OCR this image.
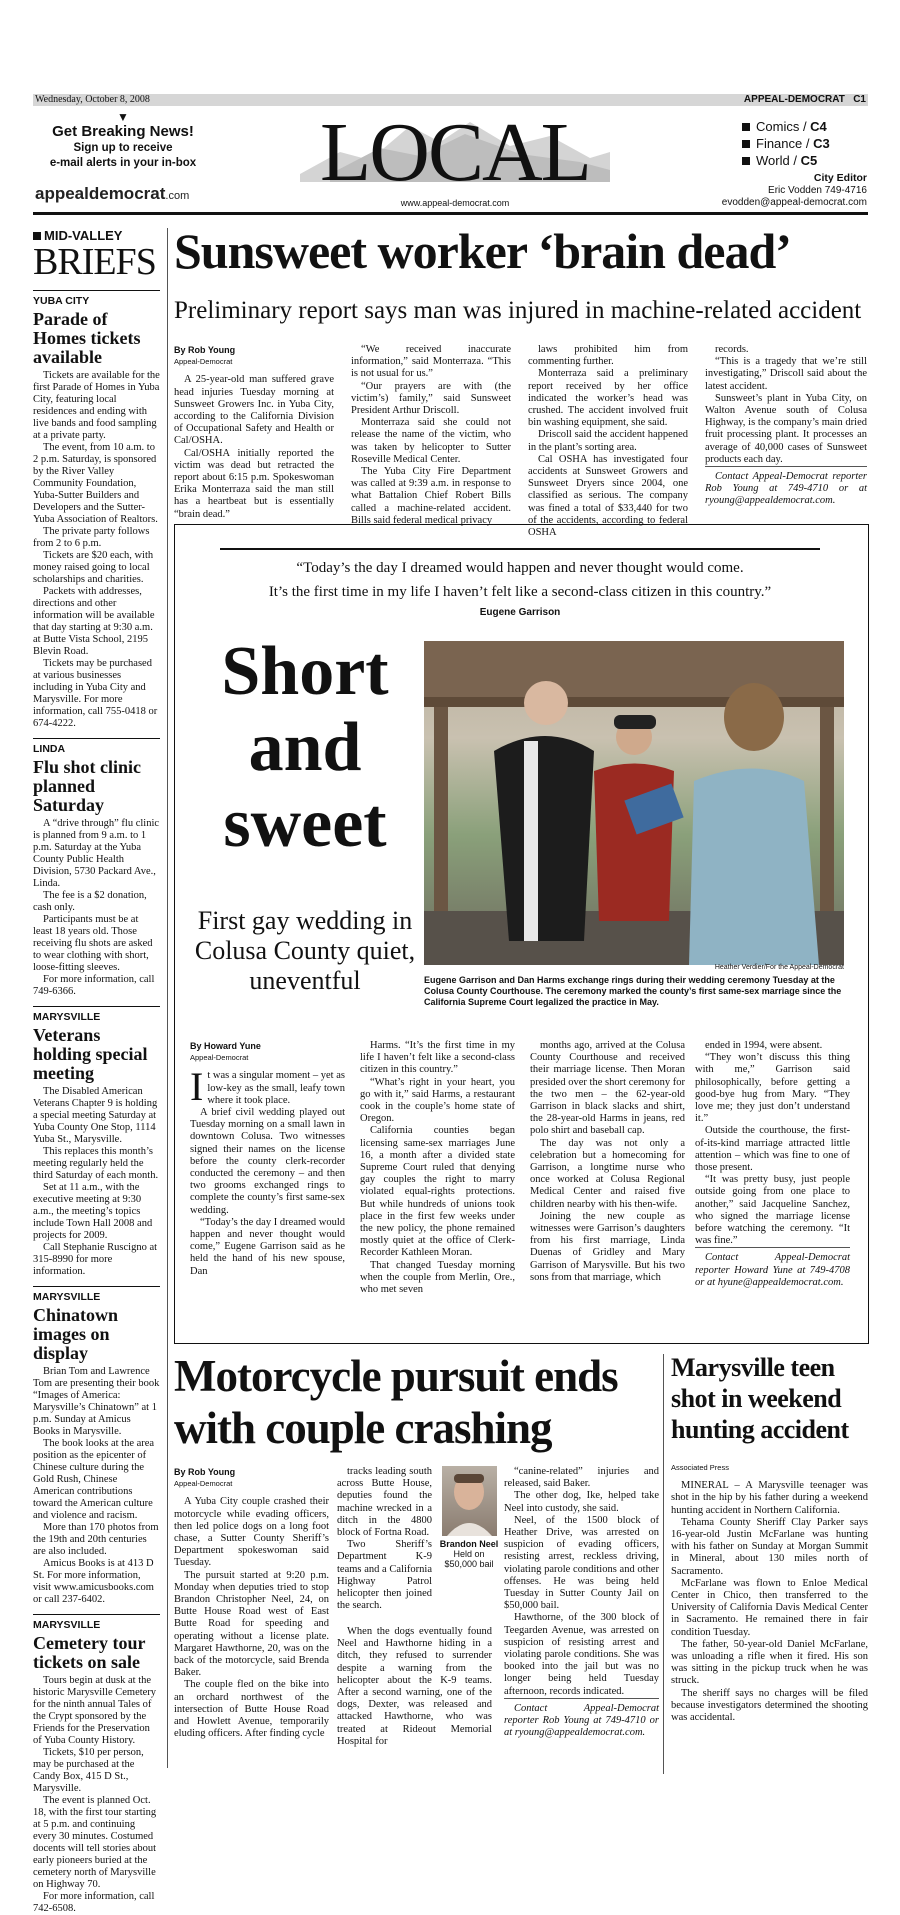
Wednesday, October 8, 2008	APPEAL-DEMOCRAT C1
▼
Get Breaking News!
Sign up to receive
e-mail alerts in your in-box
appealdemocrat.com LOCAL
www.appeal-democrat.com
Comics / C4
Finance / C3
World / C5
City Editor
Eric Vodden 749-4716
evodden@appeal-democrat.com
MID-VALLEY
BRIEFS
YUBA CITY
Parade of Homes tickets available

Tickets are available for the first Parade of Homes in Yuba City, featuring local residences and ending with live bands and food sampling at a private party.

The event, from 10 a.m. to 2 p.m. Saturday, is sponsored by the River Valley Community Foundation, Yuba-Sutter Builders and Developers and the Sutter-Yuba Association of Realtors.

The private party follows from 2 to 6 p.m.

Tickets are $20 each, with money raised going to local scholarships and charities.

Packets with addresses, directions and other information will be available that day starting at 9:30 a.m. at Butte Vista School, 2195 Blevin Road.

Tickets may be purchased at various businesses including in Yuba City and Marysville. For more information, call 755-0418 or 674-4222.

LINDA
Flu shot clinic planned Saturday

A “drive through” flu clinic is planned from 9 a.m. to 1 p.m. Saturday at the Yuba County Public Health Division, 5730 Packard Ave., Linda.

The fee is a $2 donation, cash only.

Participants must be at least 18 years old. Those receiving flu shots are asked to wear clothing with short, loose-fitting sleeves.

For more information, call 749-6366.

MARYSVILLE
Veterans holding special meeting

The Disabled American Veterans Chapter 9 is holding a special meeting Saturday at Yuba County One Stop, 1114 Yuba St., Marysville.

This replaces this month’s meeting regularly held the third Saturday of each month.

Set at 11 a.m., with the executive meeting at 9:30 a.m., the meeting’s topics include Town Hall 2008 and projects for 2009.

Call Stephanie Ruscigno at 315-8990 for more information.

MARYSVILLE
Chinatown images on display

Brian Tom and Lawrence Tom are presenting their book “Images of America: Marysville’s Chinatown” at 1 p.m. Sunday at Amicus Books in Marysville.

The book looks at the area position as the epicenter of Chinese culture during the Gold Rush, Chinese American contributions toward the American culture and violence and racism.

More than 170 photos from the 19th and 20th centuries are also included.

Amicus Books is at 413 D St. For more information, visit www.amicusbooks.com or call 237-6402.

MARYSVILLE
Cemetery tour tickets on sale

Tours begin at dusk at the historic Marysville Cemetery for the ninth annual Tales of the Crypt sponsored by the Friends for the Preservation of Yuba County History.

Tickets, $10 per person, may be purchased at the Candy Box, 415 D St., Marysville.

The event is planned Oct. 18, with the first tour starting at 5 p.m. and continuing every 30 minutes. Costumed docents will tell stories about early pioneers buried at the cemetery north of Marysville on Highway 70.

For more information, call 742-6508.

Sunsweet worker ‘brain dead’
Preliminary report says man was injured in machine-related accident
By Rob Young
Appeal-Democrat

A 25-year-old man suffered grave head injuries Tuesday morning at Sunsweet Growers Inc. in Yuba City, according to the California Division of Occupational Safety and Health or Cal/OSHA.

Cal/OSHA initially reported the victim was dead but retracted the report about 6:15 p.m. Spokeswoman Erika Monterraza said the man still has a heartbeat but is essentially “brain dead.”

“We received inaccurate information,” said Monterraza. “This is not usual for us.”

“Our prayers are with (the victim’s) family,” said Sunsweet President Arthur Driscoll.

Monterraza said she could not release the name of the victim, who was taken by helicopter to Sutter Roseville Medical Center.

The Yuba City Fire Department was called at 9:39 a.m. in response to what Battalion Chief Robert Bills called a machine-related accident. Bills said federal medical privacy

laws prohibited him from commenting further.

Monterraza said a preliminary report received by her office indicated the worker’s head was crushed. The accident involved fruit bin washing equipment, she said.

Driscoll said the accident happened in the plant’s sorting area.

Cal OSHA has investigated four accidents at Sunsweet Growers and Sunsweet Dryers since 2004, one classified as serious. The company was fined a total of $33,440 for two of the accidents, according to federal OSHA

records.

“This is a tragedy that we’re still investigating,” Driscoll said about the latest accident.

Sunsweet’s plant in Yuba City, on Walton Avenue south of Colusa Highway, is the company’s main dried fruit processing plant. It processes an average of 40,000 cases of Sunsweet products each day.

Contact Appeal-Democrat reporter Rob Young at 749-4710 or at ryoung@appealdemocrat.com.

“Today’s the day I dreamed would happen and never thought would come.
It’s the first time in my life I haven’t felt like a second-class citizen in this country.”
Eugene Garrison
Short
and
sweet
First gay wedding in Colusa County quiet, uneventful	Heather Verdier/For the Appeal-Democrat
Eugene Garrison and Dan Harms exchange rings during their wedding ceremony Tuesday at the Colusa County Courthouse. The ceremony marked the county’s first same-sex marriage since the California Supreme Court legalized the practice in May.
By Howard Yune
Appeal-Democrat

It was a singular moment – yet as low-key as the small, leafy town where it took place.

A brief civil wedding played out Tuesday morning on a small lawn in downtown Colusa. Two witnesses signed their names on the license before the county clerk-recorder conducted the ceremony – and then two grooms exchanged rings to complete the county’s first same-sex wedding.

“Today’s the day I dreamed would happen and never thought would come,” Eugene Garrison said as he held the hand of his new spouse, Dan

Harms. “It’s the first time in my life I haven’t felt like a second-class citizen in this country.”

“What’s right in your heart, you go with it,” said Harms, a restaurant cook in the couple’s home state of Oregon.

California counties began licensing same-sex marriages June 16, a month after a divided state Supreme Court ruled that denying gay couples the right to marry violated equal-rights protections. But while hundreds of unions took place in the first few weeks under the new policy, the phone remained mostly quiet at the office of Clerk-Recorder Kathleen Moran.

That changed Tuesday morning when the couple from Merlin, Ore., who met seven

months ago, arrived at the Colusa County Courthouse and received their marriage license. Then Moran presided over the short ceremony for the two men – the 62-year-old Garrison in black slacks and shirt, the 28-year-old Harms in jeans, red polo shirt and baseball cap.

The day was not only a celebration but a homecoming for Garrison, a longtime nurse who once worked at Colusa Regional Medical Center and raised five children nearby with his then-wife.

Joining the new couple as witnesses were Garrison’s daughters from his first marriage, Linda Duenas of Gridley and Mary Garrison of Marysville. But his two sons from that marriage, which

ended in 1994, were absent.

“They won’t discuss this thing with me,” Garrison said philosophically, before getting a good-bye hug from Mary. “They love me; they just don’t understand it.”

Outside the courthouse, the first-of-its-kind marriage attracted little attention – which was fine to one of those present.

“It was pretty busy, just people outside going from one place to another,” said Jacqueline Sanchez, who signed the marriage license before watching the ceremony. “It was fine.”

Contact Appeal-Democrat reporter Howard Yune at 749-4708 or at hyune@appealdemocrat.com.

Motorcycle pursuit ends
with couple crashing
By Rob Young
Appeal-Democrat

A Yuba City couple crashed their motorcycle while evading officers, then led police dogs on a long foot chase, a Sutter County Sheriff’s Department spokeswoman said Tuesday.

The pursuit started at 9:20 p.m. Monday when deputies tried to stop Brandon Christopher Neel, 24, on Butte House Road west of East Butte Road for speeding and operating without a license plate. Margaret Hawthorne, 20, was on the back of the motorcycle, said Brenda Baker.

The couple fled on the bike into an orchard northwest of the intersection of Butte House Road and Howlett Avenue, temporarily eluding officers. After finding cycle

tracks leading south across Butte House, deputies found the machine wrecked in a ditch in the 4800 block of Fortna Road.

Two Sheriff’s Department K-9 teams and a California Highway Patrol helicopter then joined the search.

When the dogs eventually found Neel and Hawthorne hiding in a ditch, they refused to surrender despite a warning from the helicopter about the K-9 teams. After a second warning, one of the dogs, Dexter, was released and attacked Hawthorne, who was treated at Rideout Memorial Hospital for

Brandon Neel
Held on
$50,000 bail

“canine-related” injuries and released, said Baker.

The other dog, Ike, helped take Neel into custody, she said.

Neel, of the 1500 block of Heather Drive, was arrested on suspicion of evading officers, resisting arrest, reckless driving, violating parole conditions and other offenses. He was being held Tuesday in Sutter County Jail on $50,000 bail.

Hawthorne, of the 300 block of Teegarden Avenue, was arrested on suspicion of resisting arrest and violating parole conditions. She was booked into the jail but was no longer being held Tuesday afternoon, records indicated.

Contact Appeal-Democrat reporter Rob Young at 749-4710 or at ryoung@appealdemocrat.com.

Marysville teen shot in weekend hunting accident
Associated Press

MINERAL – A Marysville teenager was shot in the hip by his father during a weekend hunting accident in Northern California.

Tehama County Sheriff Clay Parker says 16-year-old Justin McFarlane was hunting with his father on Sunday at Morgan Summit in Mineral, about 130 miles north of Sacramento.

McFarlane was flown to Enloe Medical Center in Chico, then transferred to the University of California Davis Medical Center in Sacramento. He remained there in fair condition Tuesday.

The father, 50-year-old Daniel McFarlane, was unloading a rifle when it fired. His son was sitting in the pickup truck when he was struck.

The sheriff says no charges will be filed because investigators determined the shooting was accidental.
